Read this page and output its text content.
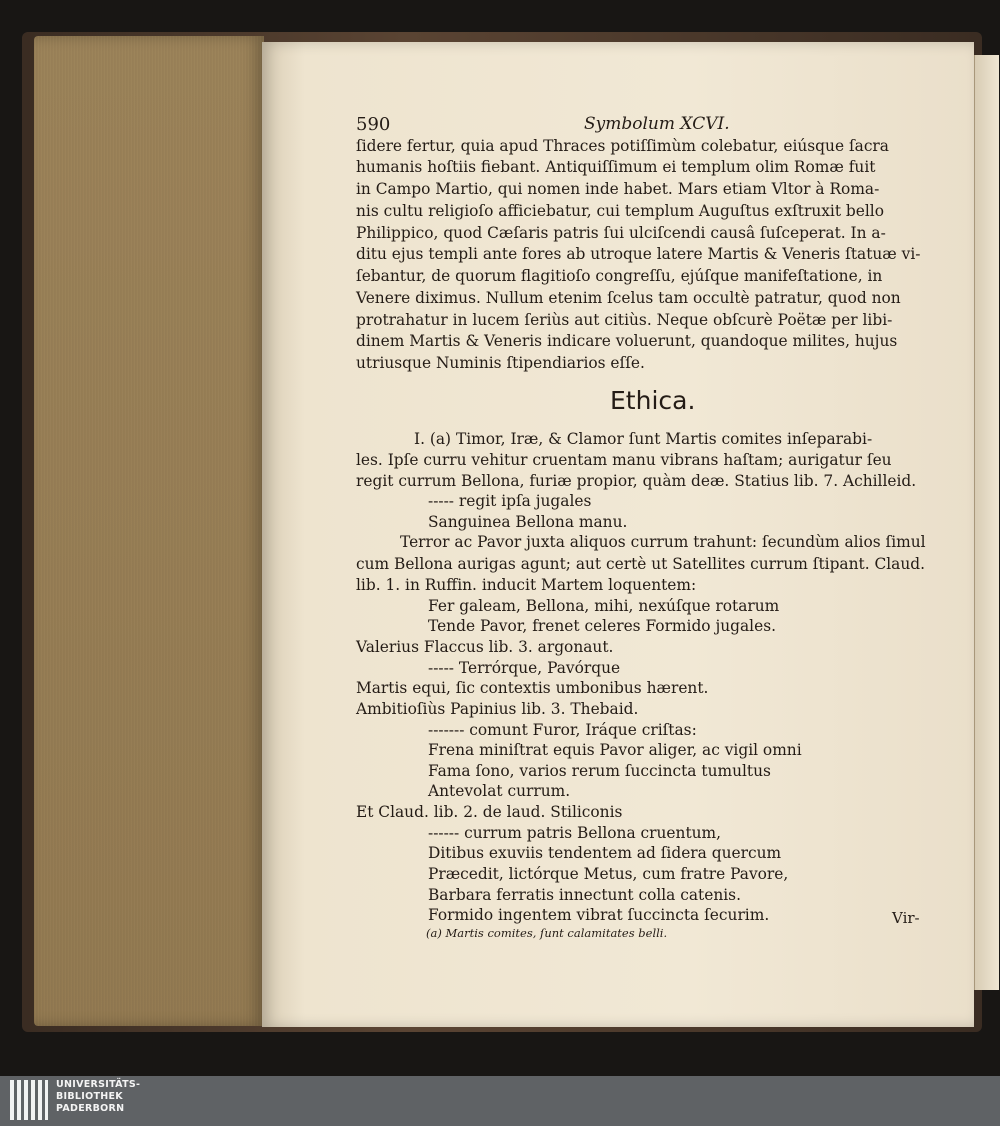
590	Symbolum XCVI.
ſidere fertur, quia apud Thraces potiſſimùm colebatur, eiúsque ſacra
humanis hoſtiis fiebant. Antiquiſſimum ei templum olim Romæ fuit
in Campo Martio, qui nomen inde habet. Mars etiam Vltor à Roma-
nis cultu religioſo afficiebatur, cui templum Auguſtus exſtruxit bello
Philippico, quod Cæſaris patris ſui ulciſcendi causâ ſuſceperat. In a-
ditu ejus templi ante fores ab utroque latere Martis & Veneris ſtatuæ vi-
ſebantur, de quorum flagitioſo congreſſu, ejúſque manifeſtatione, in
Venere diximus. Nullum etenim ſcelus tam occultè patratur, quod non
protrahatur in lucem ſeriùs aut citiùs. Neque obſcurè Poëtæ per libi-
dinem Martis & Veneris indicare voluerunt, quandoque milites, hujus
utriusque Numinis ſtipendiarios eſſe.
Ethica.
I. (a) Timor, Iræ, & Clamor ſunt Martis comites inſeparabi-
les. Ipſe curru vehitur cruentam manu vibrans haſtam; aurigatur ſeu
regit currum Bellona, furiæ propior, quàm deæ. Statius lib. 7. Achilleid.
----- regit ipſa jugales
Sanguinea Bellona manu.
Terror ac Pavor juxta aliquos currum trahunt: ſecundùm alios ſimul
cum Bellona aurigas agunt; aut certè ut Satellites currum ſtipant. Claud.
lib. 1. in Ruffin. inducit Martem loquentem:
Fer galeam, Bellona, mihi, nexúſque rotarum
Tende Pavor, frenet celeres Formido jugales.
Valerius Flaccus lib. 3. argonaut.
----- Terrórque, Pavórque
Martis equi, ſic contextis umbonibus hærent.
Ambitioſiùs Papinius lib. 3. Thebaid.
------- comunt Furor, Iráque criſtas:
Frena miniſtrat equis Pavor aliger, ac vigil omni
Fama ſono, varios rerum ſuccincta tumultus
Antevolat currum.
Et Claud. lib. 2. de laud. Stiliconis
------ currum patris Bellona cruentum,
Ditibus exuviis tendentem ad ſidera quercum
Præcedit, lictórque Metus, cum fratre Pavore,
Barbara ferratis innectunt colla catenis.
Formido ingentem vibrat ſuccincta ſecurim.	Vir-
(a) Martis comites, ſunt calamitates belli.
UNIVERSITÄTS-
BIBLIOTHEK
PADERBORN
